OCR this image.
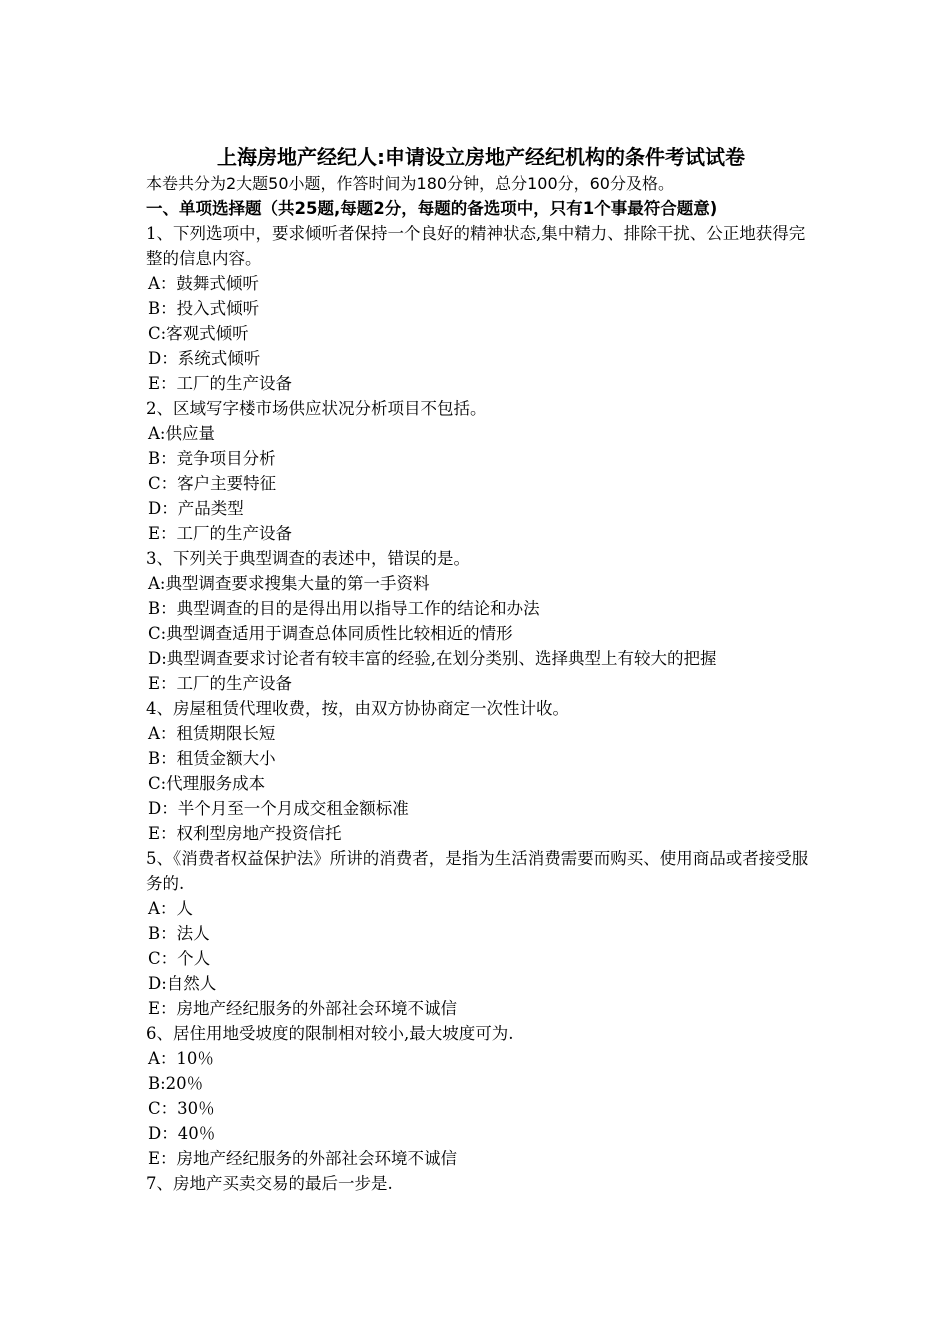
上海房地产经纪人:申请设立房地产经纪机构的条件考试试卷
本卷共分为2大题50小题，作答时间为180分钟，总分100分，60分及格。
一、单项选择题（共25题,每题2分，每题的备选项中，只有1个事最符合题意)

1、下列选项中，要求倾听者保持一个良好的精神状态,集中精力、排除干扰、公正地获得完整的信息内容。

A：鼓舞式倾听
B：投入式倾听
C:客观式倾听
D：系统式倾听
E：工厂的生产设备

2、区域写字楼市场供应状况分析项目不包括。

A:供应量
B：竞争项目分析
C：客户主要特征
D：产品类型
E：工厂的生产设备

3、下列关于典型调查的表述中，错误的是。

A:典型调查要求搜集大量的第一手资料
B：典型调查的目的是得出用以指导工作的结论和办法
C:典型调查适用于调查总体同质性比较相近的情形
D:典型调查要求讨论者有较丰富的经验,在划分类别、选择典型上有较大的把握
E：工厂的生产设备

4、房屋租赁代理收费，按，由双方协协商定一次性计收。

A：租赁期限长短
B：租赁金额大小
C:代理服务成本
D：半个月至一个月成交租金额标准
E：权利型房地产投资信托

5、《消费者权益保护法》所讲的消费者，是指为生活消费需要而购买、使用商品或者接受服务的.

A：人
B：法人
C：个人
D:自然人
E：房地产经纪服务的外部社会环境不诚信

6、居住用地受坡度的限制相对较小,最大坡度可为.

A：10％
B:20％
C：30％
D：40％
E：房地产经纪服务的外部社会环境不诚信

7、房地产买卖交易的最后一步是.
